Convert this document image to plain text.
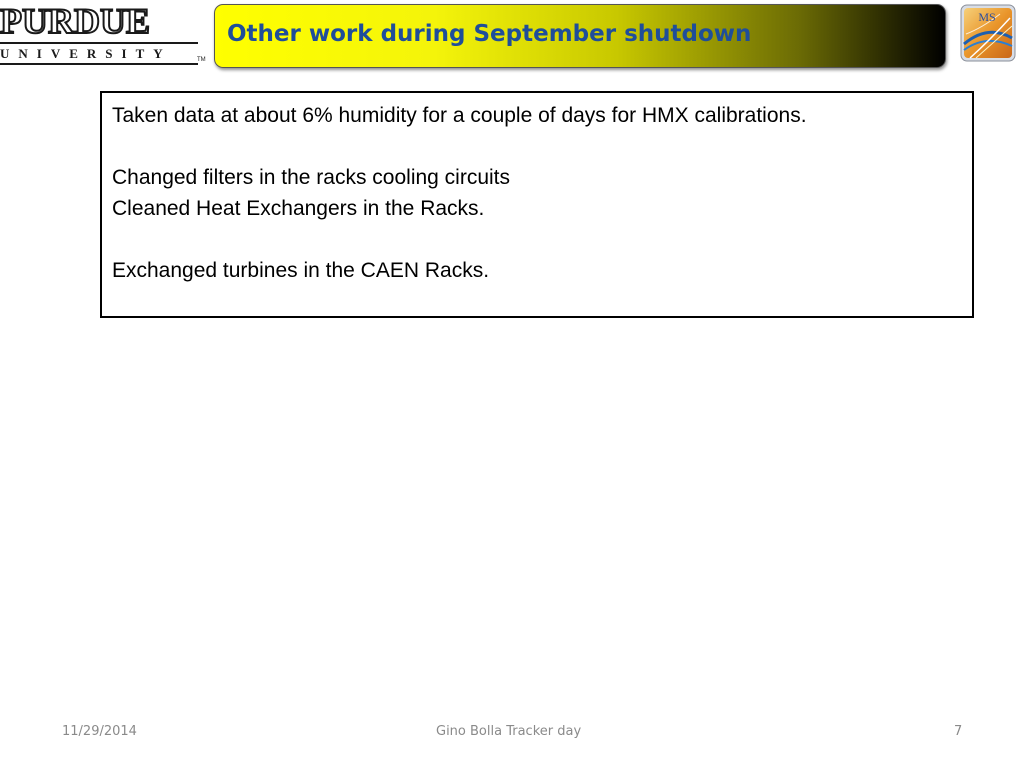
PURDUE
UNIVERSITY	TM
Other work during September shutdown
MS

Taken data at about 6% humidity for a couple of days for HMX calibrations.

Changed filters in the racks cooling circuits

Cleaned Heat Exchangers in the Racks.

Exchanged turbines in the CAEN Racks.

11/29/2014	Gino Bolla Tracker day	7
